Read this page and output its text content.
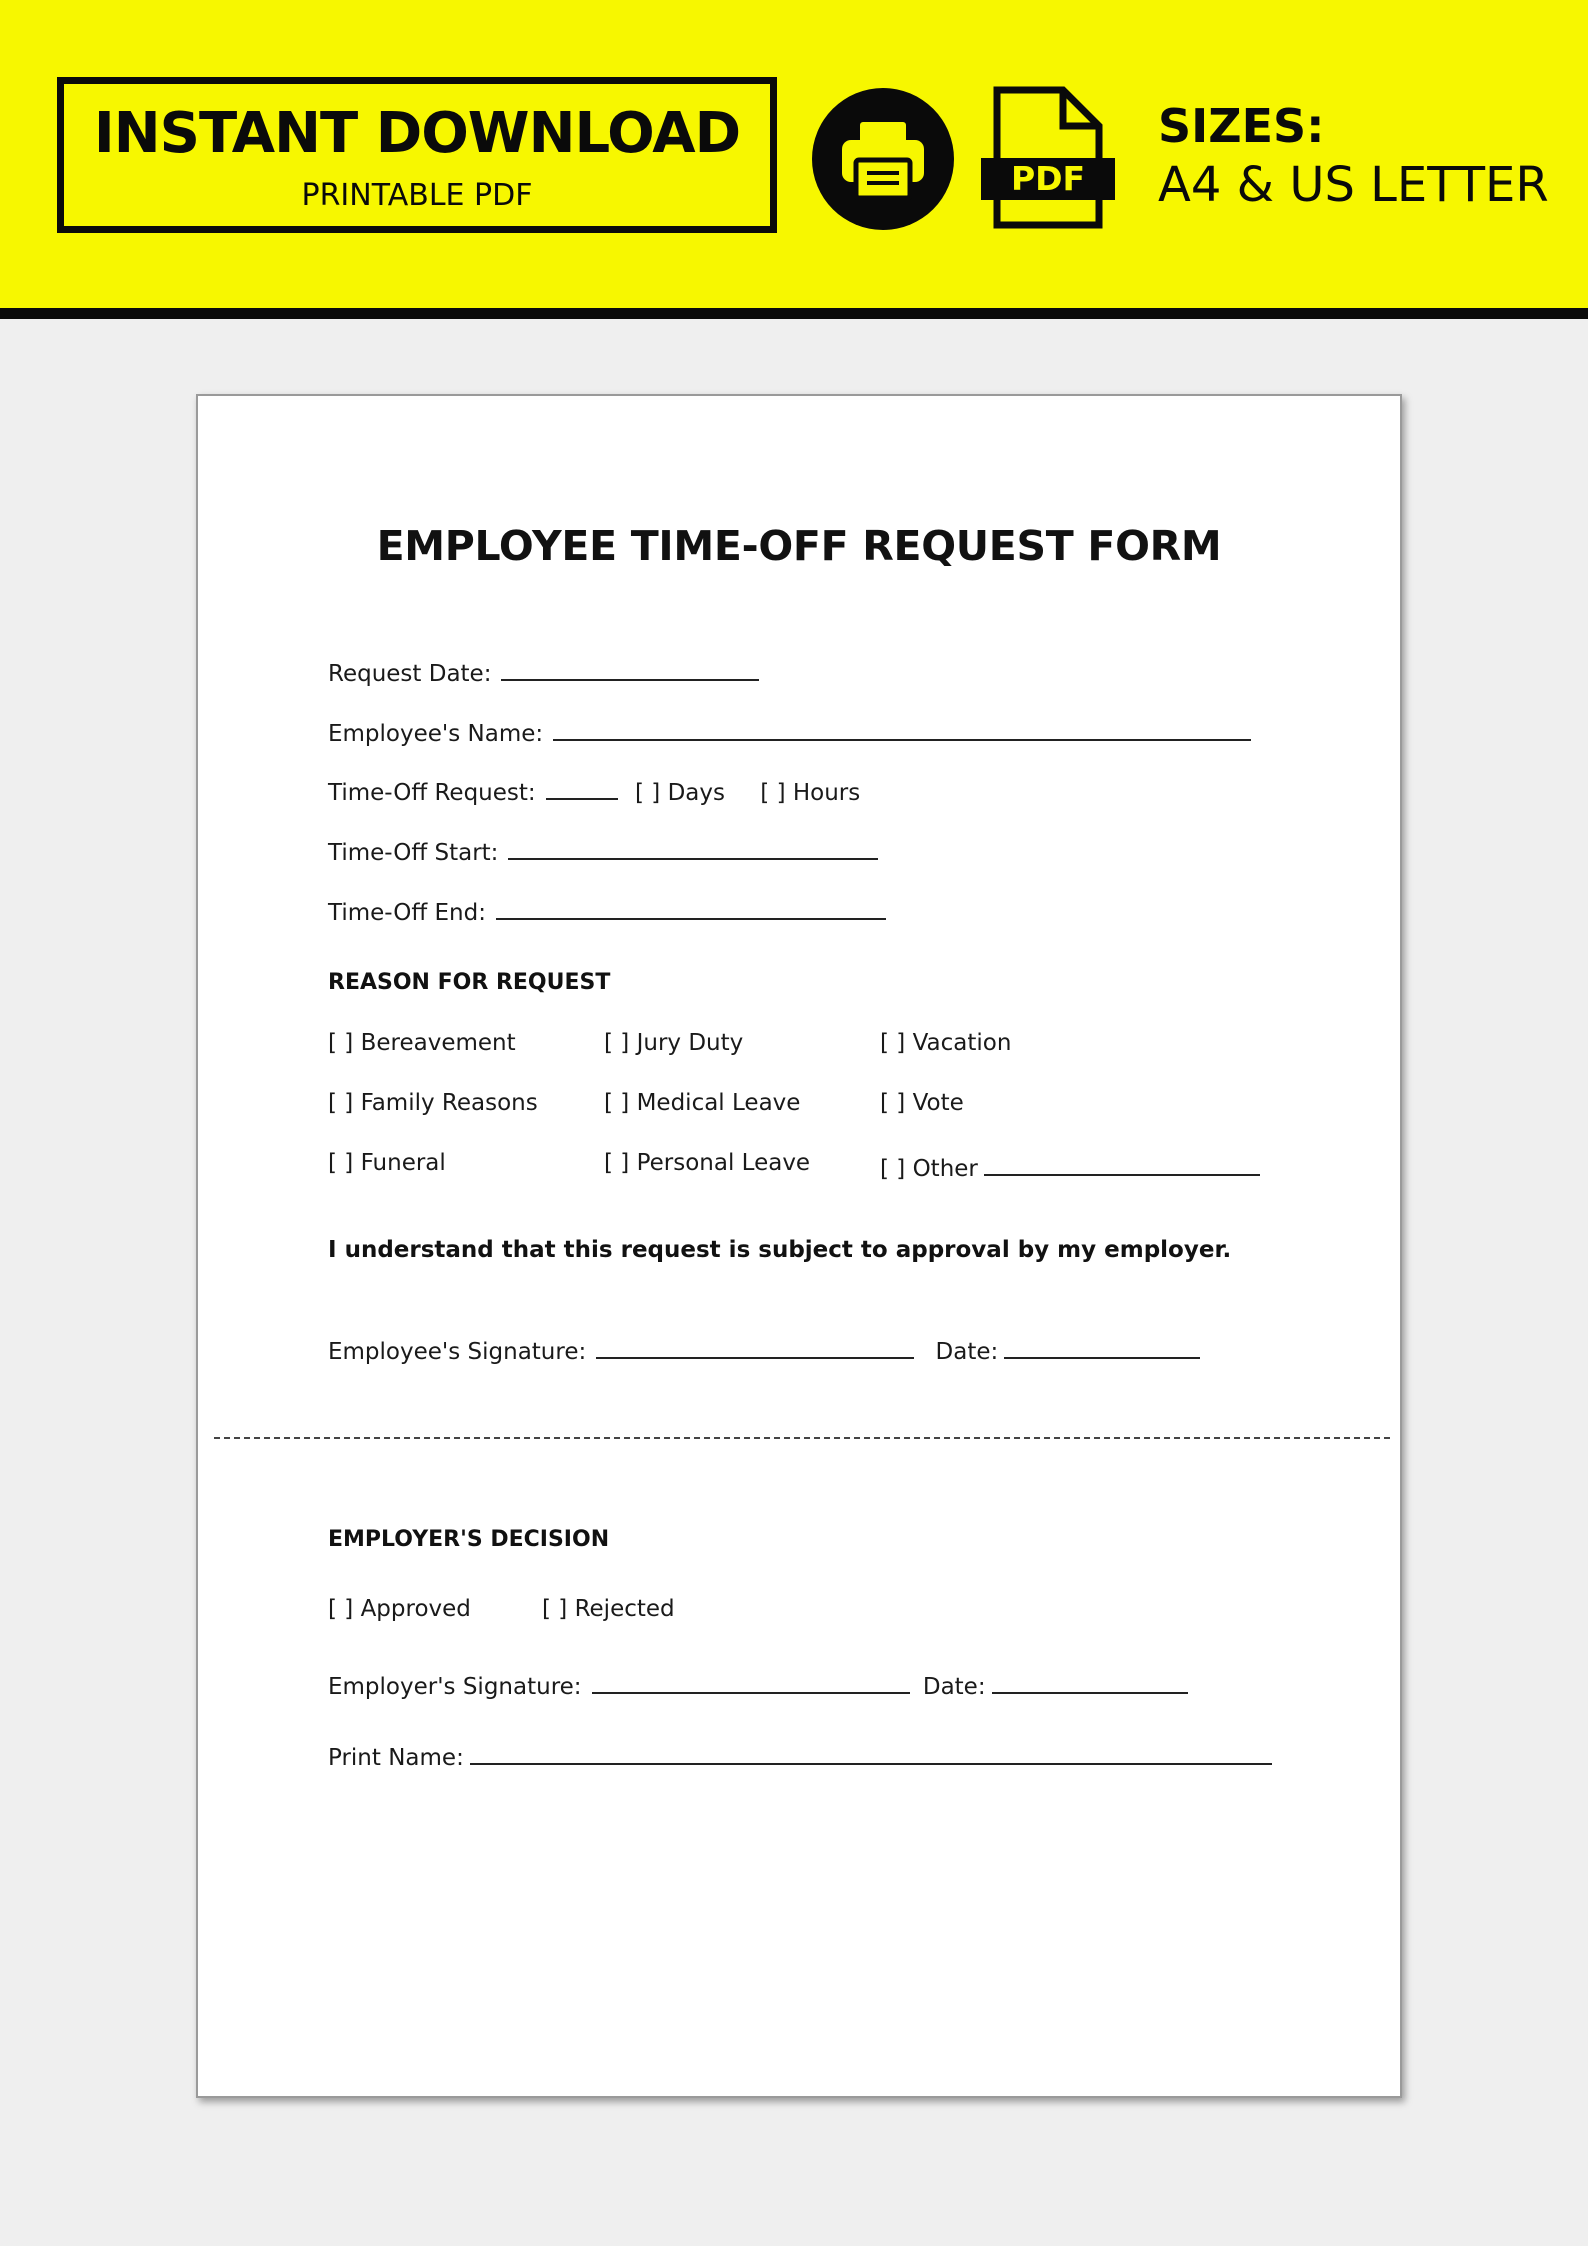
INSTANT DOWNLOAD
PRINTABLE PDF	PDF
SIZES:
A4 & US LETTER
EMPLOYEE TIME-OFF REQUEST FORM
Request Date:
Employee's Name:
Time-Off Request:	[ ] Days [ ] Hours
Time-Off Start:
Time-Off End:
REASON FOR REQUEST
[ ] Bereavement	[ ] Jury Duty	[ ] Vacation
[ ] Family Reasons	[ ] Medical Leave	[ ] Vote
[ ] Funeral	[ ] Personal Leave	[ ] Other
I understand that this request is subject to approval by my employer.
Employee's Signature:	Date:
EMPLOYER'S DECISION
[ ] Approved	[ ] Rejected
Employer's Signature:	Date:
Print Name:
